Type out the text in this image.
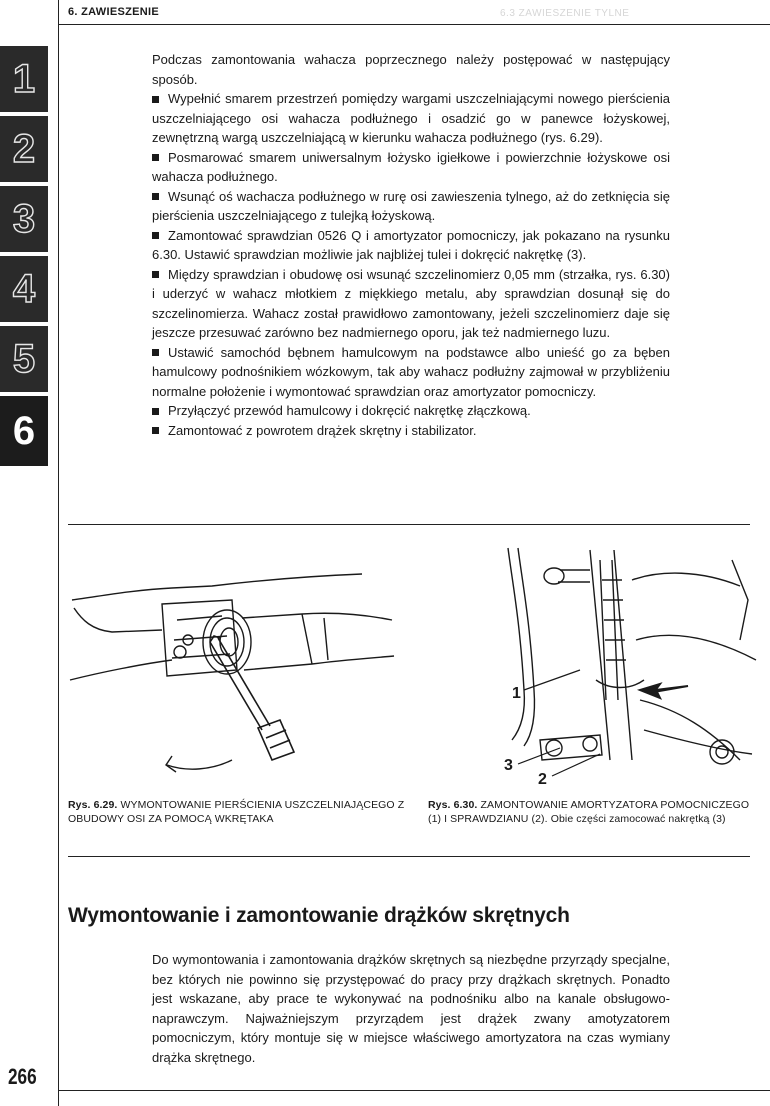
6. ZAWIESZENIE	6.3 ZAWIESZENIE TYLNE
1
2
3
4
5
6

Podczas zamontowania wahacza poprzecznego należy postępować w następujący sposób.

Wypełnić smarem przestrzeń pomiędzy wargami uszczelniającymi nowego pierścienia uszczelniającego osi wahacza podłużnego i osadzić go w panewce łożyskowej, zewnętrzną wargą uszczelniającą w kierunku wahacza podłużnego (rys. 6.29).

Posmarować smarem uniwersalnym łożysko igiełkowe i powierzchnie łożyskowe osi wahacza podłużnego.

Wsunąć oś wachacza podłużnego w rurę osi zawieszenia tylnego, aż do zetknięcia się pierścienia uszczelniającego z tulejką łożyskową.

Zamontować sprawdzian 0526 Q i amortyzator pomocniczy, jak pokazano na rysunku 6.30. Ustawić sprawdzian możliwie jak najbliżej tulei i dokręcić nakrętkę (3).

Między sprawdzian i obudowę osi wsunąć szczelinomierz 0,05 mm (strzałka, rys. 6.30) i uderzyć w wahacz młotkiem z miękkiego metalu, aby sprawdzian dosunął się do szczelinomierza. Wahacz został prawidłowo zamontowany, jeżeli szczelinomierz daje się jeszcze przesuwać zarówno bez nadmiernego oporu, jak też nadmiernego luzu.

Ustawić samochód bębnem hamulcowym na podstawce albo unieść go za bęben hamulcowy podnośnikiem wózkowym, tak aby wahacz podłużny zajmował w przybliżeniu normalne położenie i wymontować sprawdzian oraz amortyzator pomocniczy.

Przyłączyć przewód hamulcowy i dokręcić nakrętkę złączkową.

Zamontować z powrotem drążek skrętny i stabilizator.

1
2
3
Rys. 6.29. WYMONTOWANIE PIERŚCIENIA USZCZELNIAJĄCEGO Z OBUDOWY OSI ZA POMOCĄ WKRĘTAKA
Rys. 6.30. ZAMONTOWANIE AMORTYZATORA POMOCNICZEGO (1) I SPRAWDZIANU (2). Obie części zamocować nakrętką (3)
Wymontowanie i zamontowanie drążków skrętnych

Do wymontowania i zamontowania drążków skrętnych są niezbędne przyrządy specjalne, bez których nie powinno się przystępować do pracy przy drążkach skrętnych. Ponadto jest wskazane, aby prace te wykonywać na podnośniku albo na kanale obsługowo-naprawczym. Najważniejszym przyrządem jest drążek zwany amotyzatorem pomocniczym, który montuje się w miejsce właściwego amortyzatora na czas wymiany drążka skrętnego.

266
